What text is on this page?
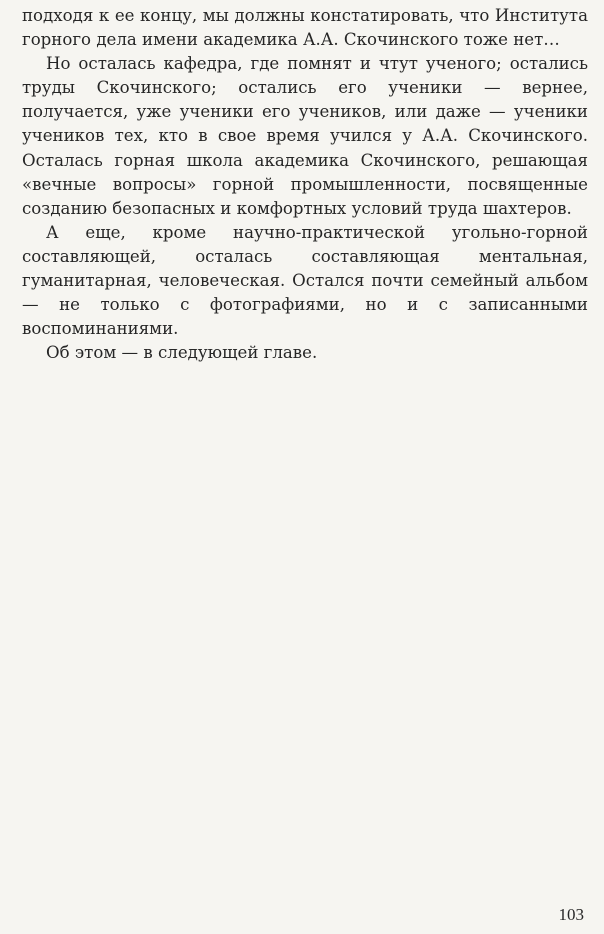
подходя к ее концу, мы должны констатировать, что Института горного дела имени академика А.А. Скочинского тоже нет…

Но осталась кафедра, где помнят и чтут ученого; остались труды Скочинского; остались его ученики — вернее, получается, уже ученики его учеников, или даже — ученики учеников тех, кто в свое время учился у А.А. Скочинского. Осталась горная школа академика Скочинского, решающая «вечные вопросы» горной промышленности, посвященные созданию безопасных и комфортных условий труда шахтеров.

А еще, кроме научно-практической угольно-горной составляющей, осталась составляющая ментальная, гуманитарная, человеческая. Остался почти семейный альбом — не только с фотографиями, но и с записанными воспоминаниями.

Об этом — в следующей главе.

103
